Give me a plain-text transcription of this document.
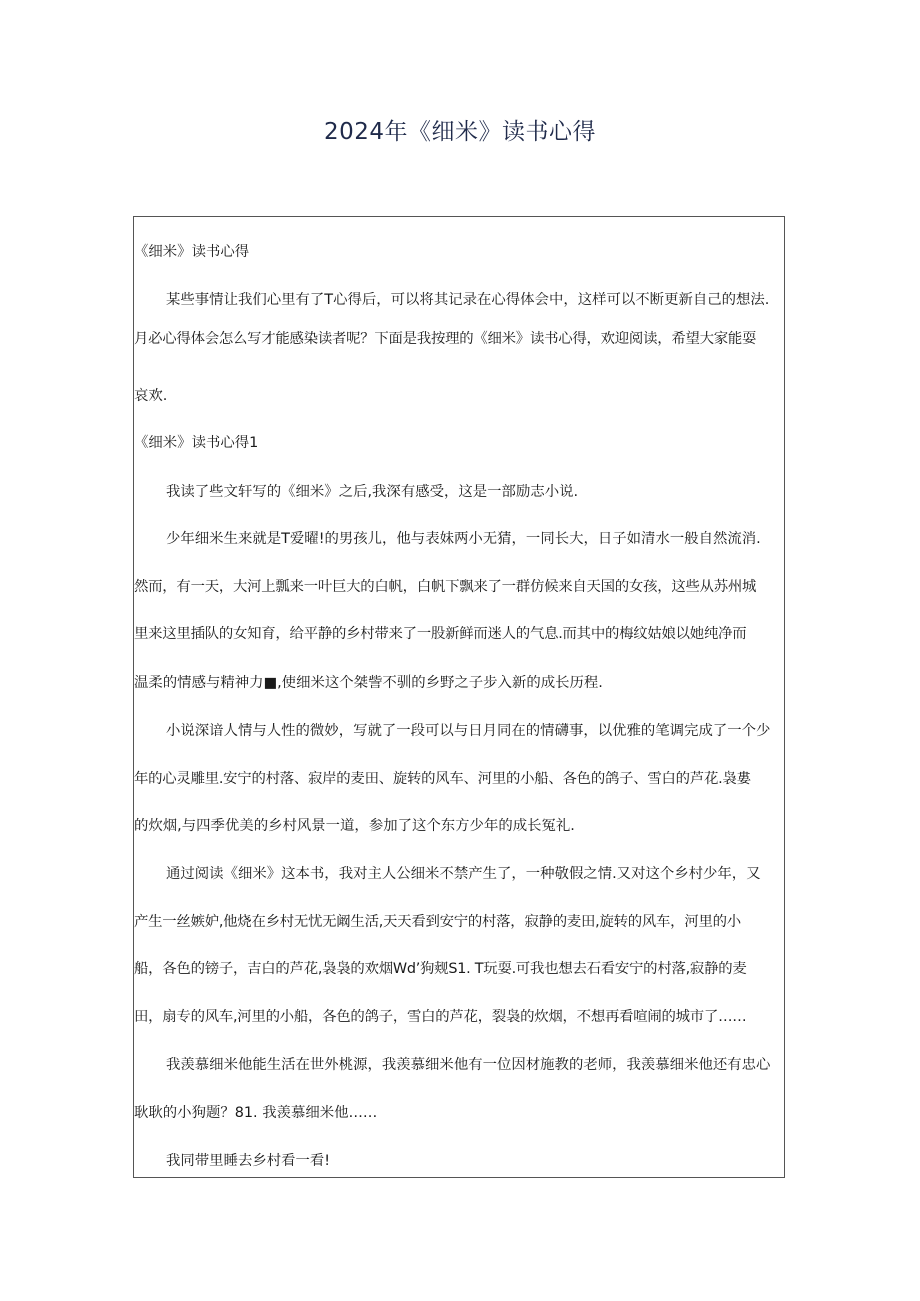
2024年《细米》读书心得
《细米》读书心得
某些事情让我们心里有了T心得后，可以将其记录在心得体会中，这样可以不断更新自己的想法.
月必心得体会怎么写才能感染读者呢？下面是我按理的《细米》读书心得，欢迎阅读，希望大家能耍
哀欢.
《细米》读书心得1
我读了些文轩写的《细米》之后,我深有感受，这是一部励志小说.
少年细米生来就是T爱曜!的男孩儿，他与表妹两小无猜，一同长大，日子如清水一般自然流消.
然而，有一天，大河上瓢来一叶巨大的白帆，白帆下飘来了一群仿候来自天国的女孩，这些从苏州城
里来这里插队的女知育，给平静的乡村带来了一股新鲜而迷人的气息.而其中的梅纹姑娘以她纯净而
温柔的情感与精神力■,使细米这个桀訾不驯的乡野之子步入新的成长历程.
小说深谙人情与人性的微妙，写就了一段可以与日月同在的情礴事，以优雅的笔调完成了一个少
年的心灵雕里.安宁的村落、寂岸的麦田、旋转的风车、河里的小船、各色的鸽子、雪白的芦花.袅婁
的炊烟,与四季优美的乡村风景一道，参加了这个东方少年的成长冤礼.
通过阅读《细米》这本书，我对主人公细米不禁产生了，一种敬假之情.又对这个乡村少年，又
产生一丝嫉妒,他烧在乡村无忧无阚生活,天天看到安宁的村落，寂静的麦田,旋转的风车，河里的小
船，各色的镑子，吉白的芦花,袅袅的欢烟Wd’狗觌S1. T玩耍.可我也想去石看安宁的村落,寂静的麦
田，扇专的风车,河里的小船，各色的鸽子，雪白的芦花，裂袅的炊烟，不想再看喧闹的城市了……
我羡慕细米他能生活在世外桃源，我羡慕细米他有一位因材施教的老师，我羡慕细米他还有忠心
耿耿的小狗题？81. 我羡慕细米他……
我同带里睡去乡村看一看!
